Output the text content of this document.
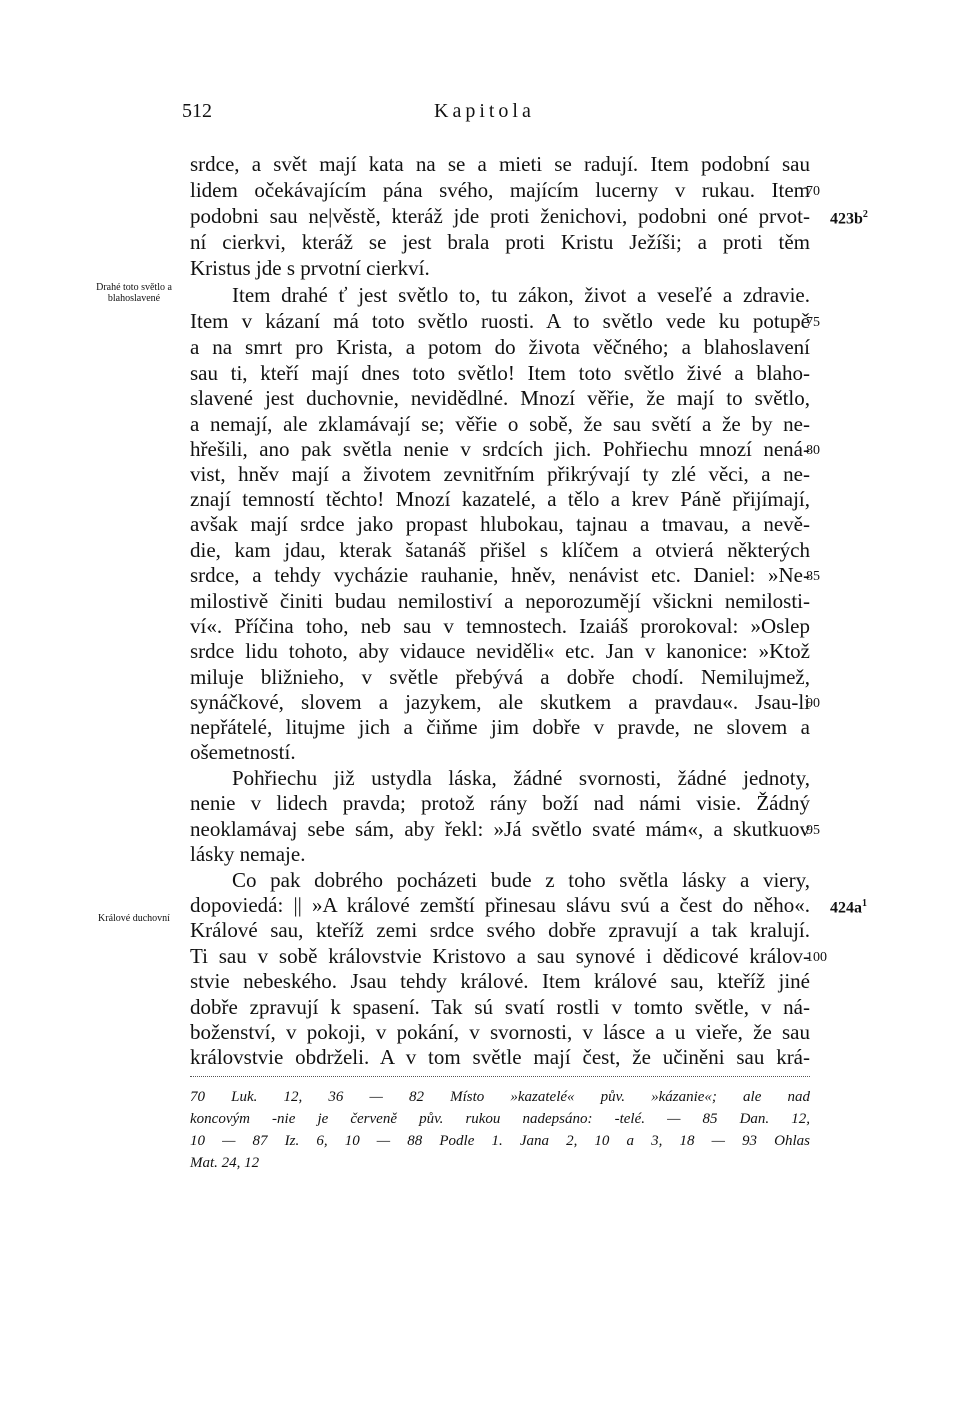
512	Kapitola
Drahé toto světlo a blahoslavené
Králové duchovní
srdce, a svět mají kata na se a mieti se radují. Item podobní sau
lidem očekávajícím pána svého, majícím lucerny v rukau. Item
podobni sau ne|věstě, kteráž jde proti ženichovi, podobni oné prvot-
ní cierkvi, kteráž se jest brala proti Kristu Ježíši; a proti těm
Kristus jde s prvotní cierkví.
Item drahé ť jest světlo to, tu zákon, život a veseľé a zdravie.
Item v kázaní má toto světlo ruosti. A to světlo vede ku potupě
a na smrt pro Krista, a potom do života věčného; a blahoslavení
sau ti, kteří mají dnes toto světlo! Item toto světlo živé a blaho-
slavené jest duchovnie, nevidědlné. Mnozí věřie, že mají to světlo,
a nemají, ale zklamávají se; věřie o sobě, že sau světí a že by ne-
hřešili, ano pak světla nenie v srdcích jich. Pohřiechu mnozí nená-
vist, hněv mají a životem zevnitřním přikrývají ty zlé věci, a ne-
znají temností těchto! Mnozí kazatelé, a tělo a krev Páně přijímají,
avšak mají srdce jako propast hlubokau, tajnau a tmavau, a nevě-
die, kam jdau, kterak šatanáš přišel s klíčem a otvierá některých
srdce, a tehdy vycházie rauhanie, hněv, nenávist etc. Daniel: »Ne-
milostivě činiti budau nemilostiví a neporozumějí všickni nemilosti-
ví«. Příčina toho, neb sau v temnostech. Izaiáš prorokoval: »Oslep
srdce lidu tohoto, aby vidauce neviděli« etc. Jan v kanonice: »Ktož
miluje bližnieho, v světle přebývá a dobře chodí. Nemilujmež,
synáčkové, slovem a jazykem, ale skutkem a pravdau«. Jsau-li
nepřátelé, litujme jich a čiňme jim dobře v pravde, ne slovem a
ošemetností.
Pohřiechu již ustydla láska, žádné svornosti, žádné jednoty,
nenie v lidech pravda; protož rány boží nad námi visie. Žádný
neoklamávaj sebe sám, aby řekl: »Já světlo svaté mám«, a skutkuov
lásky nemaje.
Co pak dobrého pocházeti bude z toho světla lásky a viery,
dopoviedá: || »A králové zemští přinesau slávu svú a čest do něho«.
Králové sau, kteříž zemi srdce svého dobře zpravují a tak kralují.
Ti sau v sobě královstvie Kristovo a sau synové i dědicové králov-
stvie nebeského. Jsau tehdy králové. Item králové sau, kteříž jiné
dobře zpravují k spasení. Tak sú svatí rostli v tomto světle, v ná-
boženství, v pokoji, v pokání, v svornosti, v lásce a u vieře, že sau
královstvie obdrželi. A v tom světle mají čest, že učiněni sau krá-
70
75
80
85
90
95
100
$423b^2$
$424a^1$
70 Luk. 12, 36 — 82 Místo »kazatelé« pův. »kázanie«; ale nad
koncovým -nie je červeně pův. rukou nadepsáno: -telé. — 85 Dan. 12,
10 — 87 Iz. 6, 10 — 88 Podle 1. Jana 2, 10 a 3, 18 — 93 Ohlas
Mat. 24, 12
